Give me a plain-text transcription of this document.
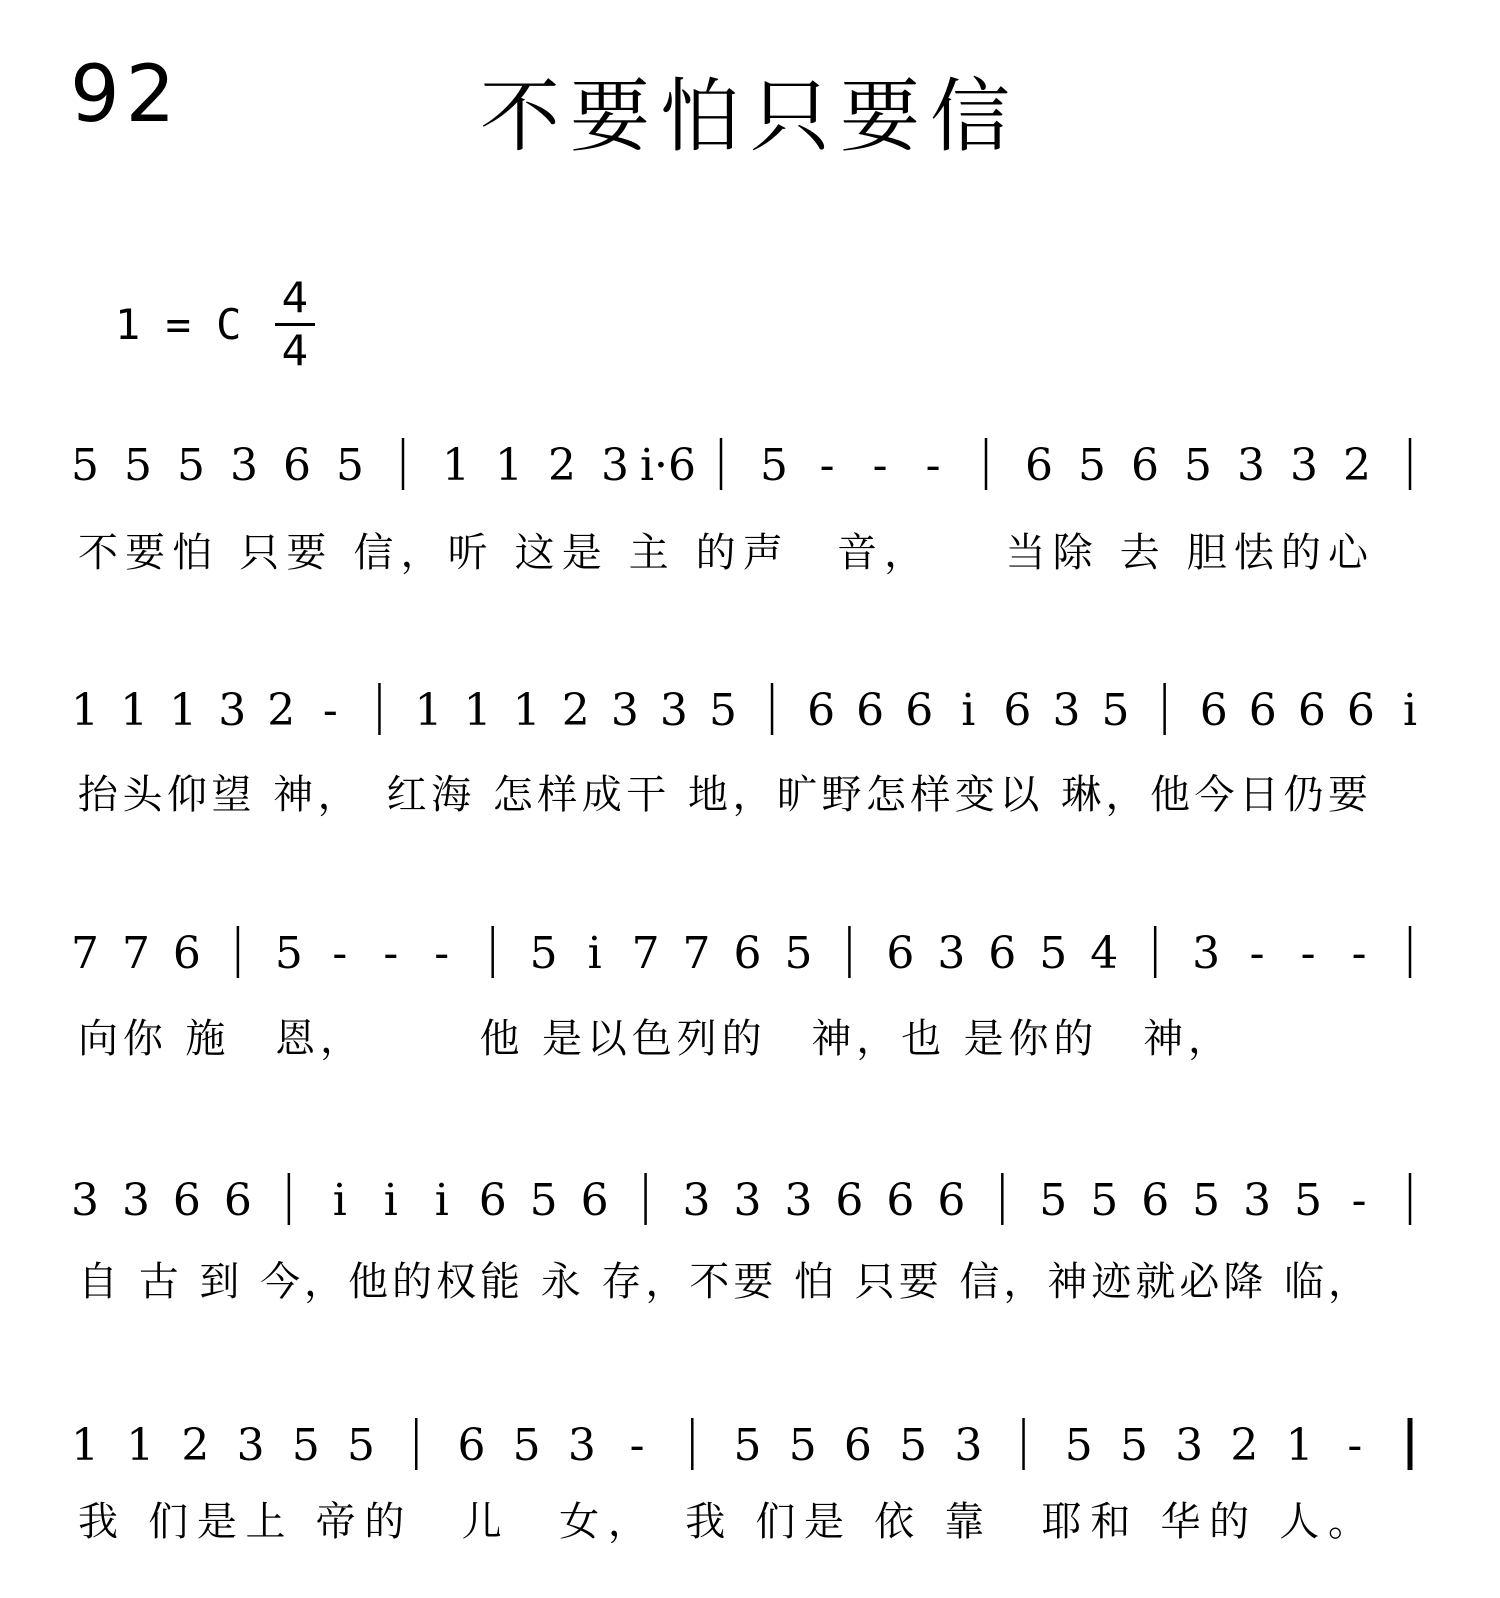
92	不要怕只要信
1 = C
4
4
5 5 5 3 6 5 1 1 2 3 i·6 5 - - - 6 5 6 5 3 3 2
不要怕 只要 信，听 这是 主 的声　音，　　当除 去 胆怯的心
1 1 1 3 2 - 1 1 1 2 3 3 5 6 6 6 i 6 3 5 6 6 6 6 i
抬头仰望 神，　红海 怎样成干 地，旷野怎样变以 琳，他今日仍要
7 7 6 5 - - - 5 i 7 7 6 5 6 3 6 5 4 3 - - -
向你 施　恩，　　　他 是以色列的　神，也 是你的　神，
3 3 6 6 i i i 6 5 6 3 3 3 6 6 6 5 5 6 5 3 5 -
自 古 到 今，他的权能 永 存，不要 怕 只要 信，神迹就必降 临，
1 1 2 3 5 5 6 5 3 - 5 5 6 5 3 5 5 3 2 1 -
我 们是上 帝的　儿　女，　我 们是 依 靠　耶和 华的 人。
